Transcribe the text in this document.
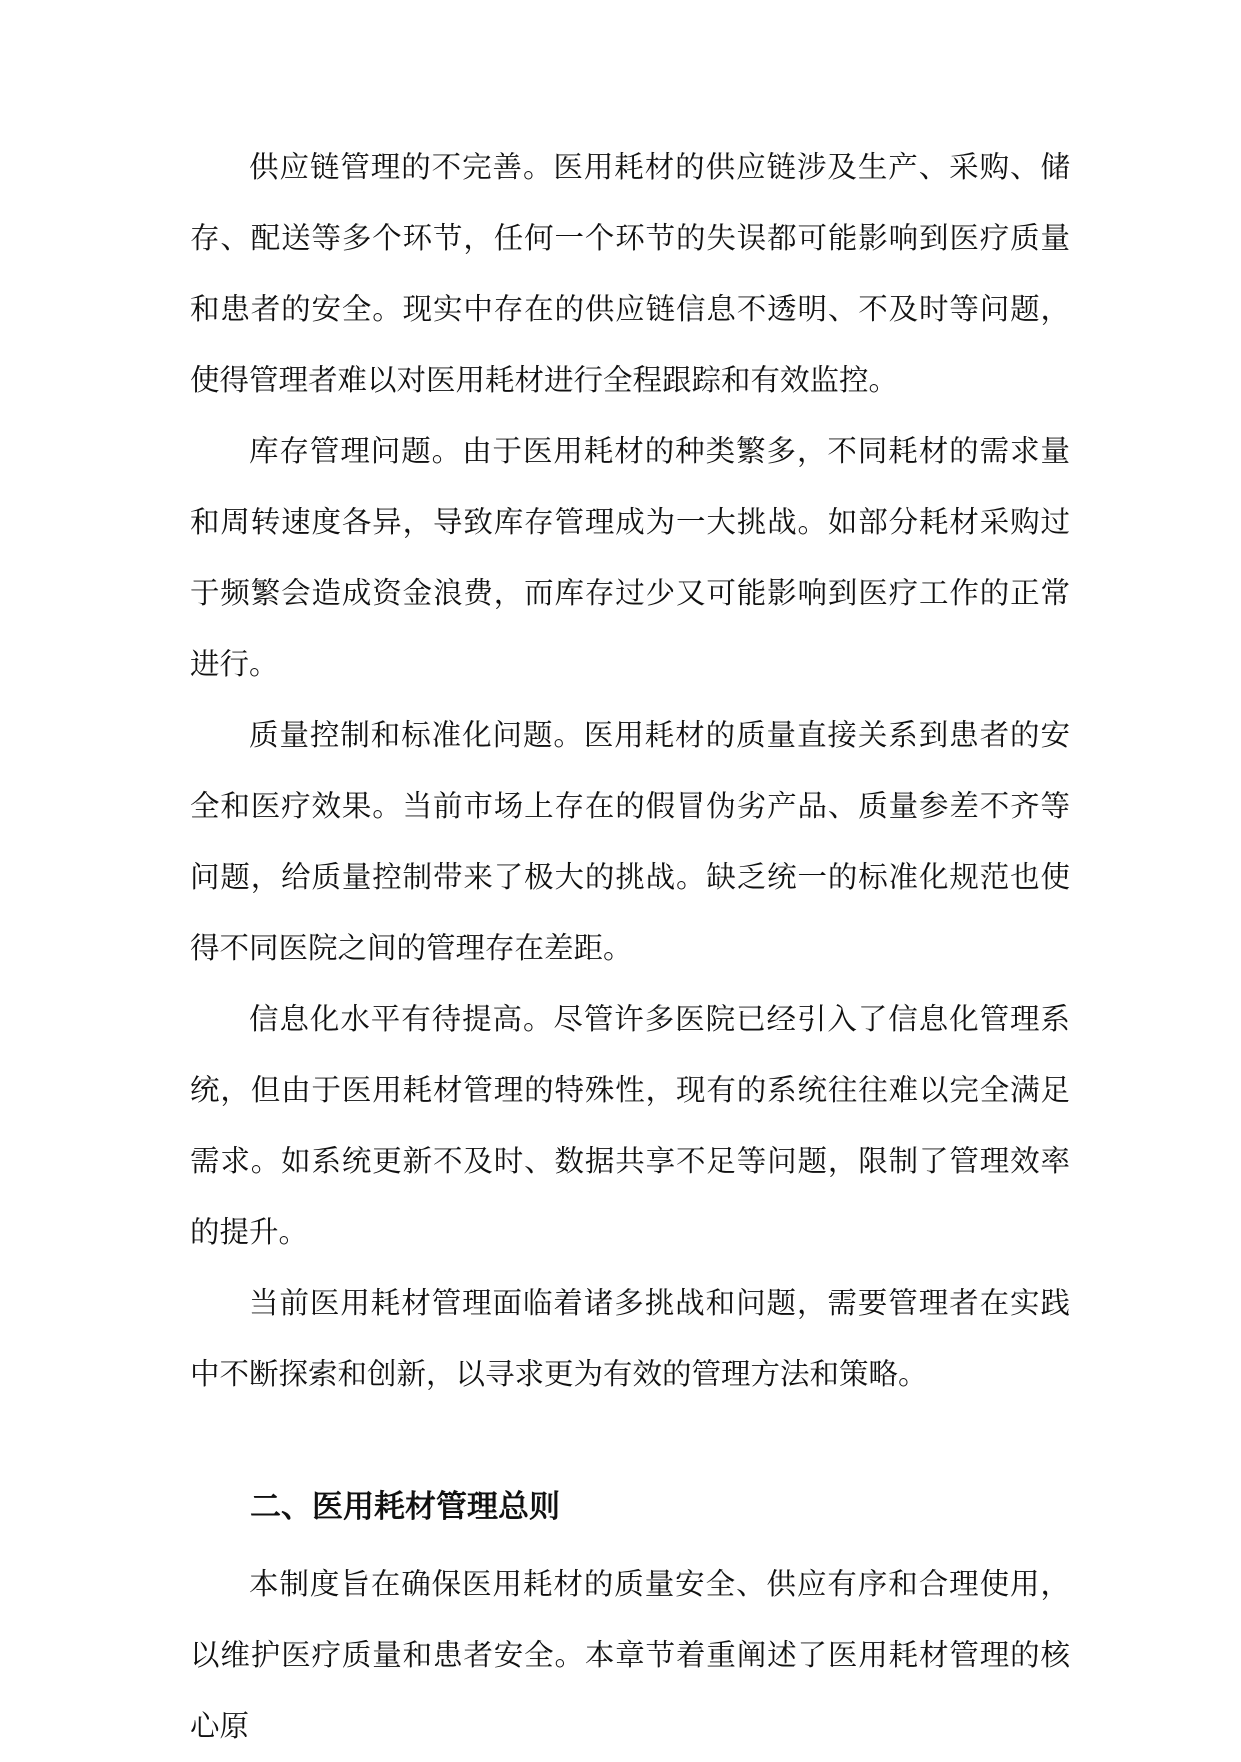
供应链管理的不完善。医用耗材的供应链涉及生产、采购、储存、配送等多个环节，任何一个环节的失误都可能影响到医疗质量和患者的安全。现实中存在的供应链信息不透明、不及时等问题，使得管理者难以对医用耗材进行全程跟踪和有效监控。

库存管理问题。由于医用耗材的种类繁多，不同耗材的需求量和周转速度各异，导致库存管理成为一大挑战。如部分耗材采购过于频繁会造成资金浪费，而库存过少又可能影响到医疗工作的正常进行。

质量控制和标准化问题。医用耗材的质量直接关系到患者的安全和医疗效果。当前市场上存在的假冒伪劣产品、质量参差不齐等问题，给质量控制带来了极大的挑战。缺乏统一的标准化规范也使得不同医院之间的管理存在差距。

信息化水平有待提高。尽管许多医院已经引入了信息化管理系统，但由于医用耗材管理的特殊性，现有的系统往往难以完全满足需求。如系统更新不及时、数据共享不足等问题，限制了管理效率的提升。

当前医用耗材管理面临着诸多挑战和问题，需要管理者在实践中不断探索和创新，以寻求更为有效的管理方法和策略。

二、医用耗材管理总则

本制度旨在确保医用耗材的质量安全、供应有序和合理使用，以维护医疗质量和患者安全。本章节着重阐述了医用耗材管理的核心原
